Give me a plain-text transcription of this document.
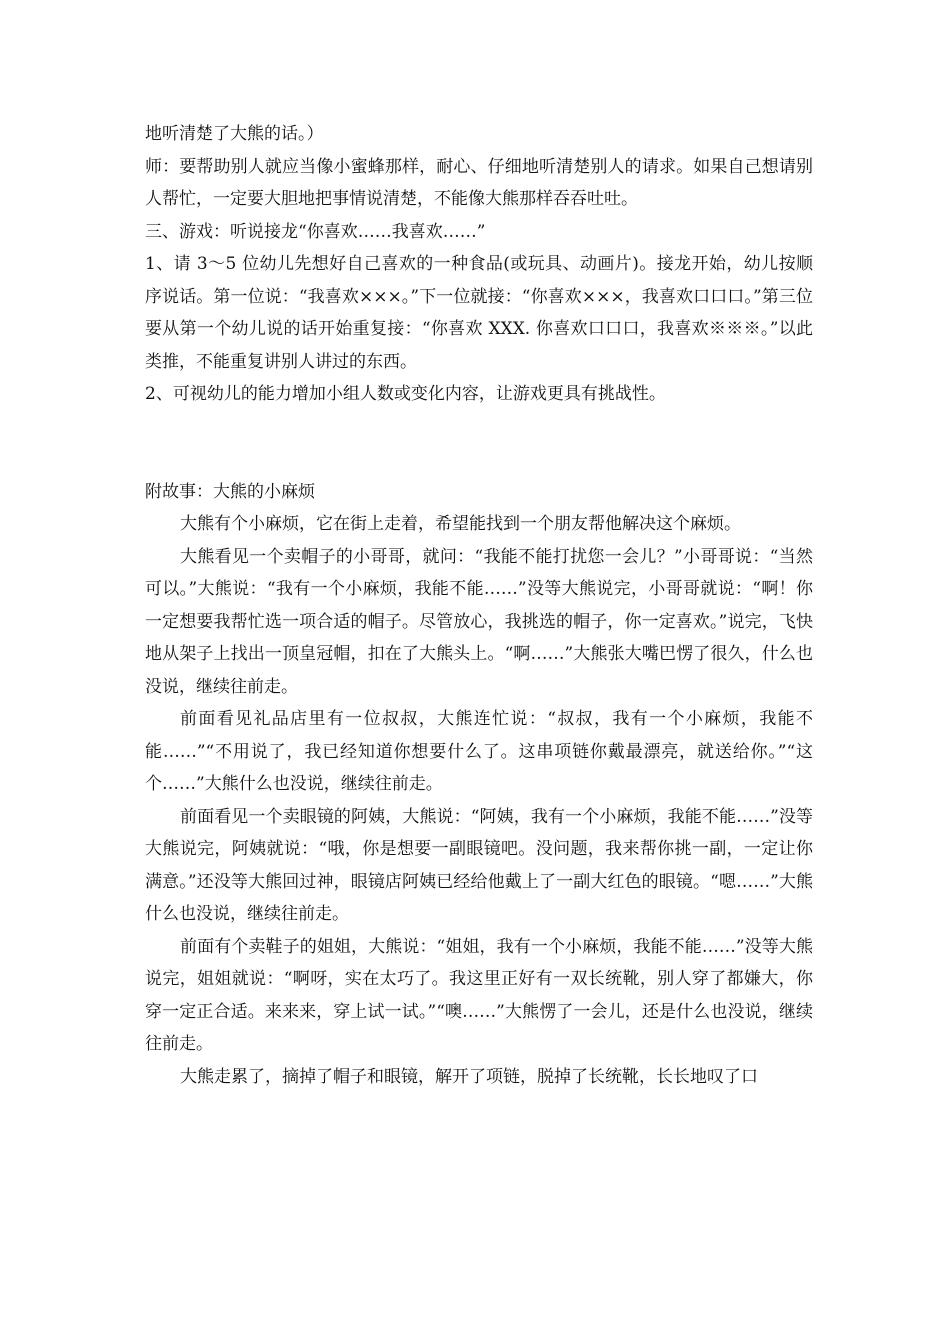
地听清楚了大熊的话。）

师：要帮助别人就应当像小蜜蜂那样，耐心、仔细地听清楚别人的请求。如果自己想请别人帮忙，一定要大胆地把事情说清楚，不能像大熊那样吞吞吐吐。

三、游戏：听说接龙“你喜欢……我喜欢……”

1、请 3～5 位幼儿先想好自己喜欢的一种食品(或玩具、动画片)。接龙开始，幼儿按顺序说话。第一位说：“我喜欢×××。”下一位就接：“你喜欢×××，我喜欢口口口。”第三位要从第一个幼儿说的话开始重复接：“你喜欢 XXX. 你喜欢口口口，我喜欢※※※。”以此类推，不能重复讲别人讲过的东西。

2、可视幼儿的能力增加小组人数或变化内容，让游戏更具有挑战性。

附故事：大熊的小麻烦

大熊有个小麻烦，它在街上走着，希望能找到一个朋友帮他解决这个麻烦。

大熊看见一个卖帽子的小哥哥，就问：“我能不能打扰您一会儿？”小哥哥说：“当然可以。”大熊说：“我有一个小麻烦，我能不能……”没等大熊说完，小哥哥就说：“啊！你一定想要我帮忙选一项合适的帽子。尽管放心，我挑选的帽子，你一定喜欢。”说完，飞快地从架子上找出一顶皇冠帽，扣在了大熊头上。“啊……”大熊张大嘴巴愣了很久，什么也没说，继续往前走。

前面看见礼品店里有一位叔叔，大熊连忙说：“叔叔，我有一个小麻烦，我能不能……”“不用说了，我已经知道你想要什么了。这串项链你戴最漂亮，就送给你。”“这个……”大熊什么也没说，继续往前走。

前面看见一个卖眼镜的阿姨，大熊说：“阿姨，我有一个小麻烦，我能不能……”没等大熊说完，阿姨就说：“哦，你是想要一副眼镜吧。没问题，我来帮你挑一副，一定让你满意。”还没等大熊回过神，眼镜店阿姨已经给他戴上了一副大红色的眼镜。“嗯……”大熊什么也没说，继续往前走。

前面有个卖鞋子的姐姐，大熊说：“姐姐，我有一个小麻烦，我能不能……”没等大熊说完，姐姐就说：“啊呀，实在太巧了。我这里正好有一双长统靴，别人穿了都嫌大，你穿一定正合适。来来来，穿上试一试。”“噢……”大熊愣了一会儿，还是什么也没说，继续往前走。

大熊走累了，摘掉了帽子和眼镜，解开了项链，脱掉了长统靴，长长地叹了口
